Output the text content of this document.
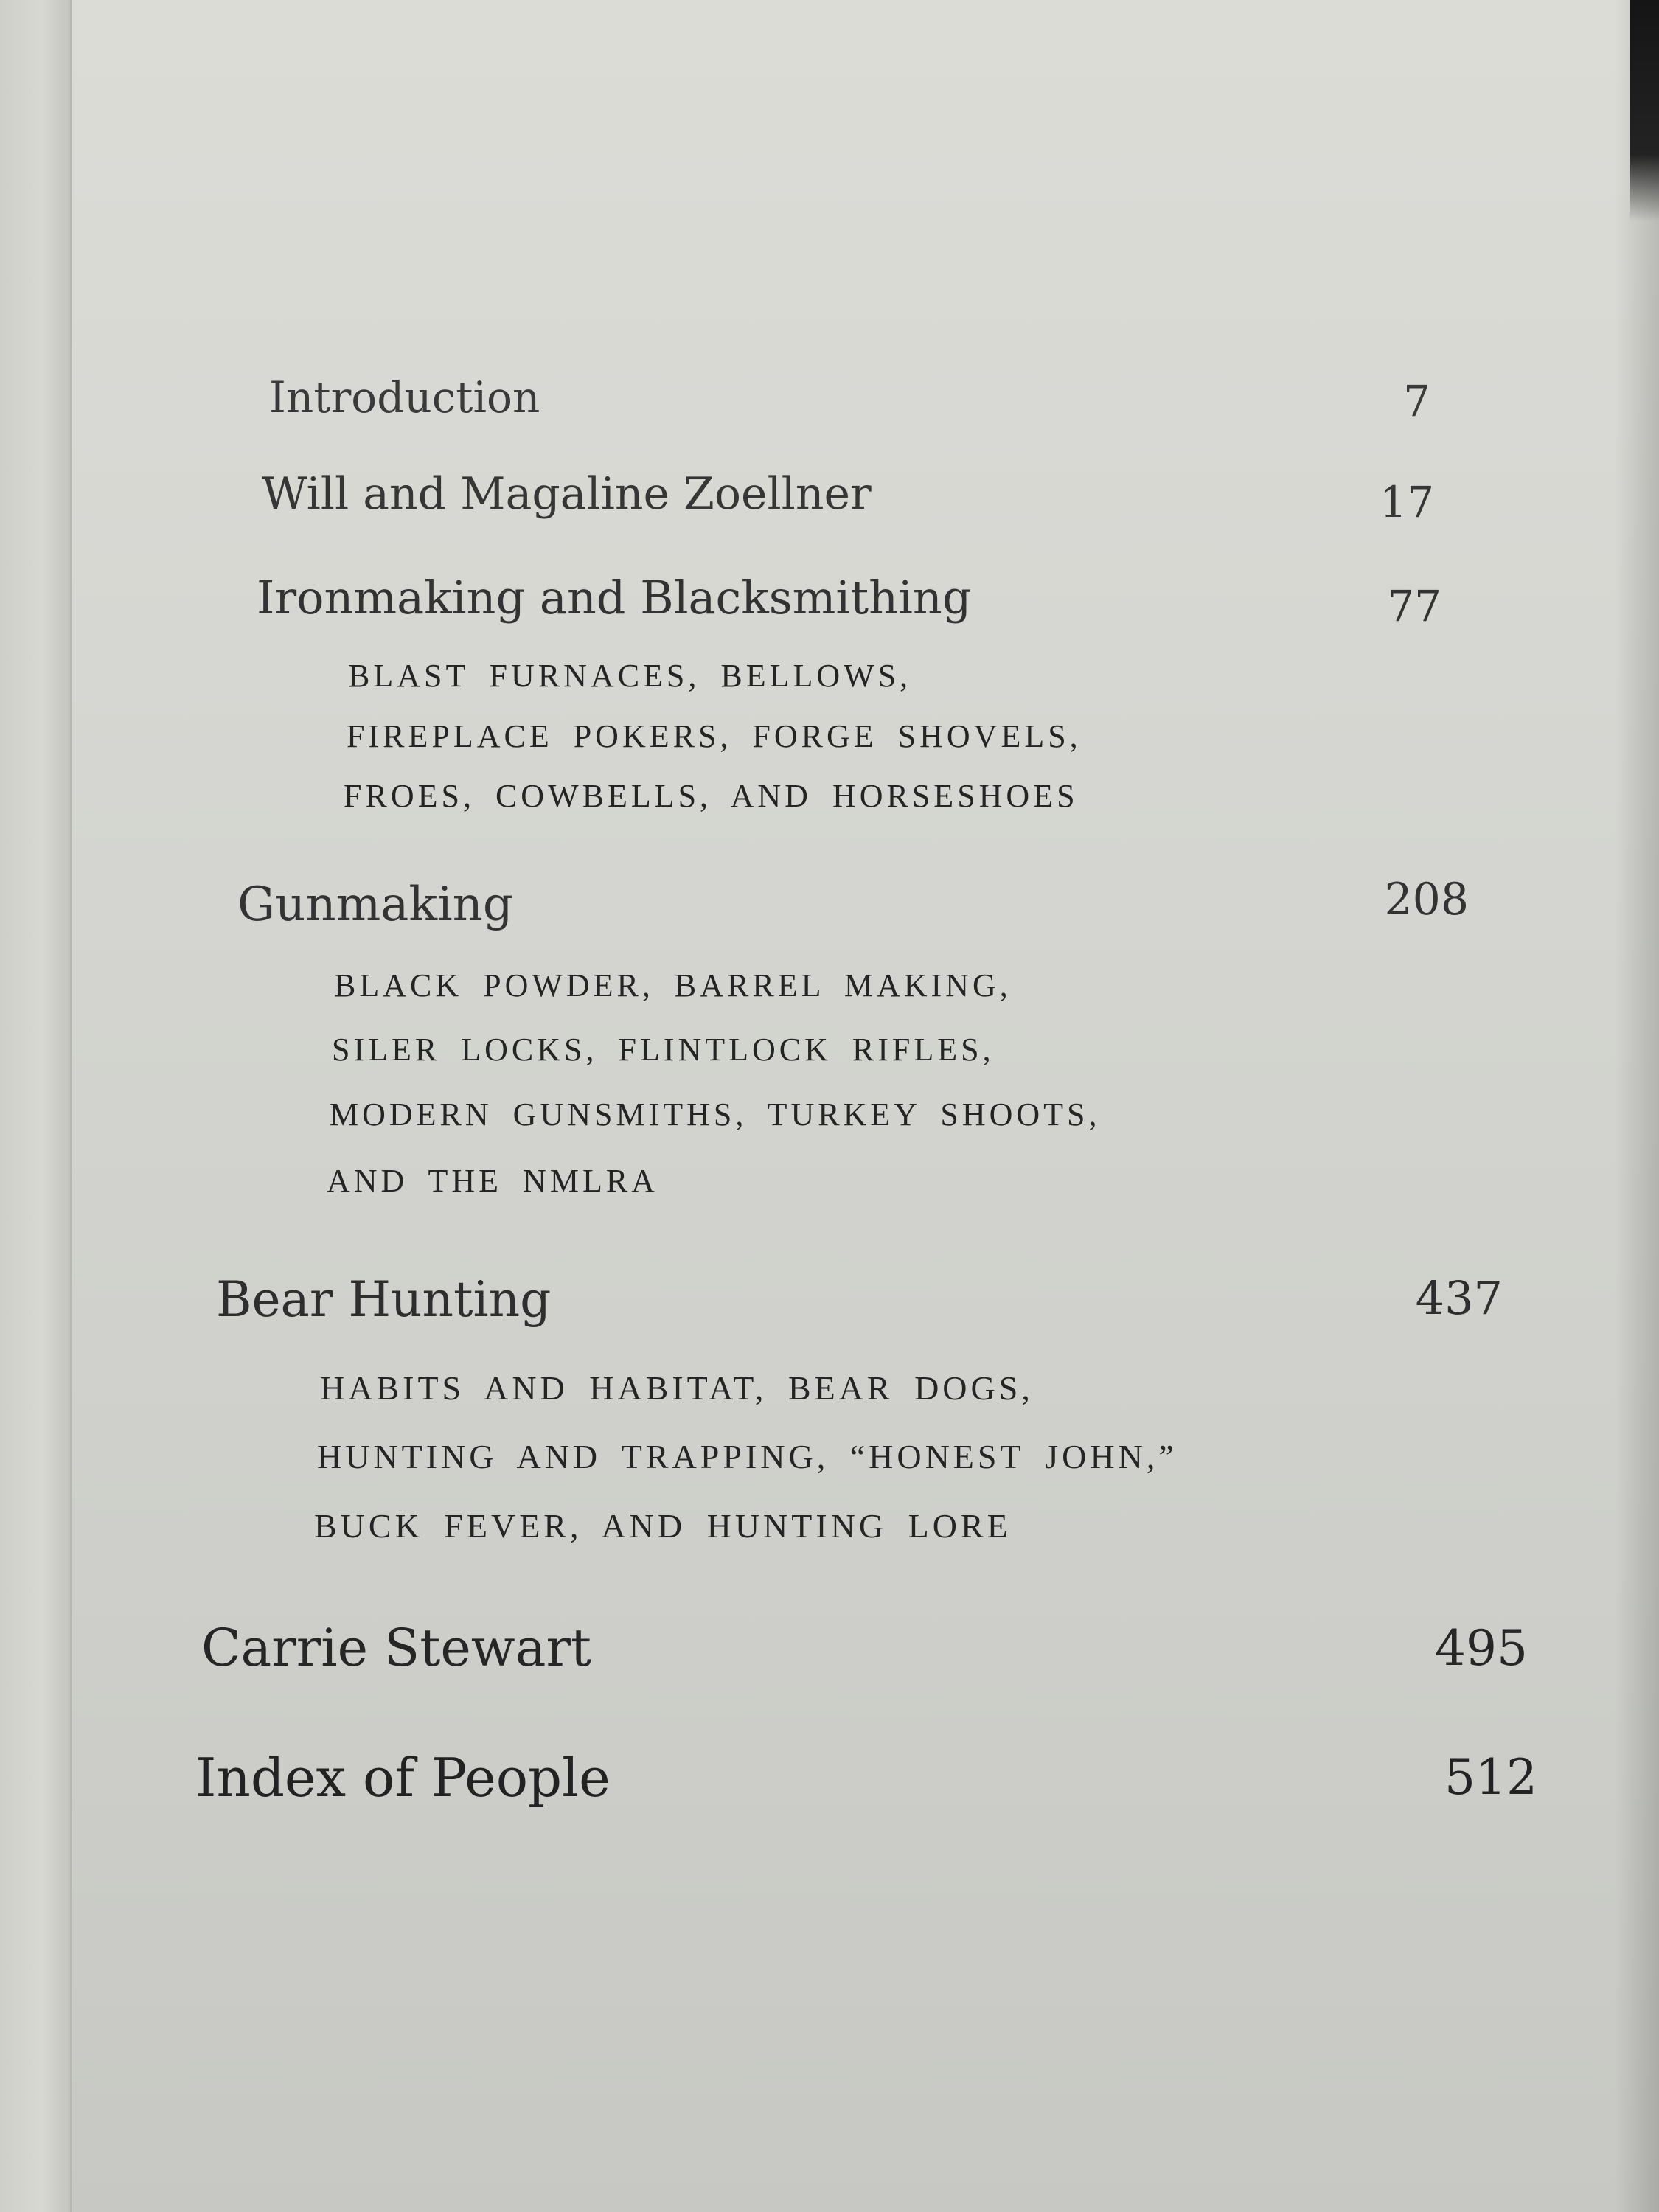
Introduction	7
Will and Magaline Zoellner	17
Ironmaking and Blacksmithing	77
BLAST FURNACES, BELLOWS,
FIREPLACE POKERS, FORGE SHOVELS,
FROES, COWBELLS, AND HORSESHOES
Gunmaking	208
BLACK POWDER, BARREL MAKING,
SILER LOCKS, FLINTLOCK RIFLES,
MODERN GUNSMITHS, TURKEY SHOOTS,
AND THE NMLRA
Bear Hunting	437
HABITS AND HABITAT, BEAR DOGS,
HUNTING AND TRAPPING, “HONEST JOHN,”
BUCK FEVER, AND HUNTING LORE
Carrie Stewart	495
Index of People	512
